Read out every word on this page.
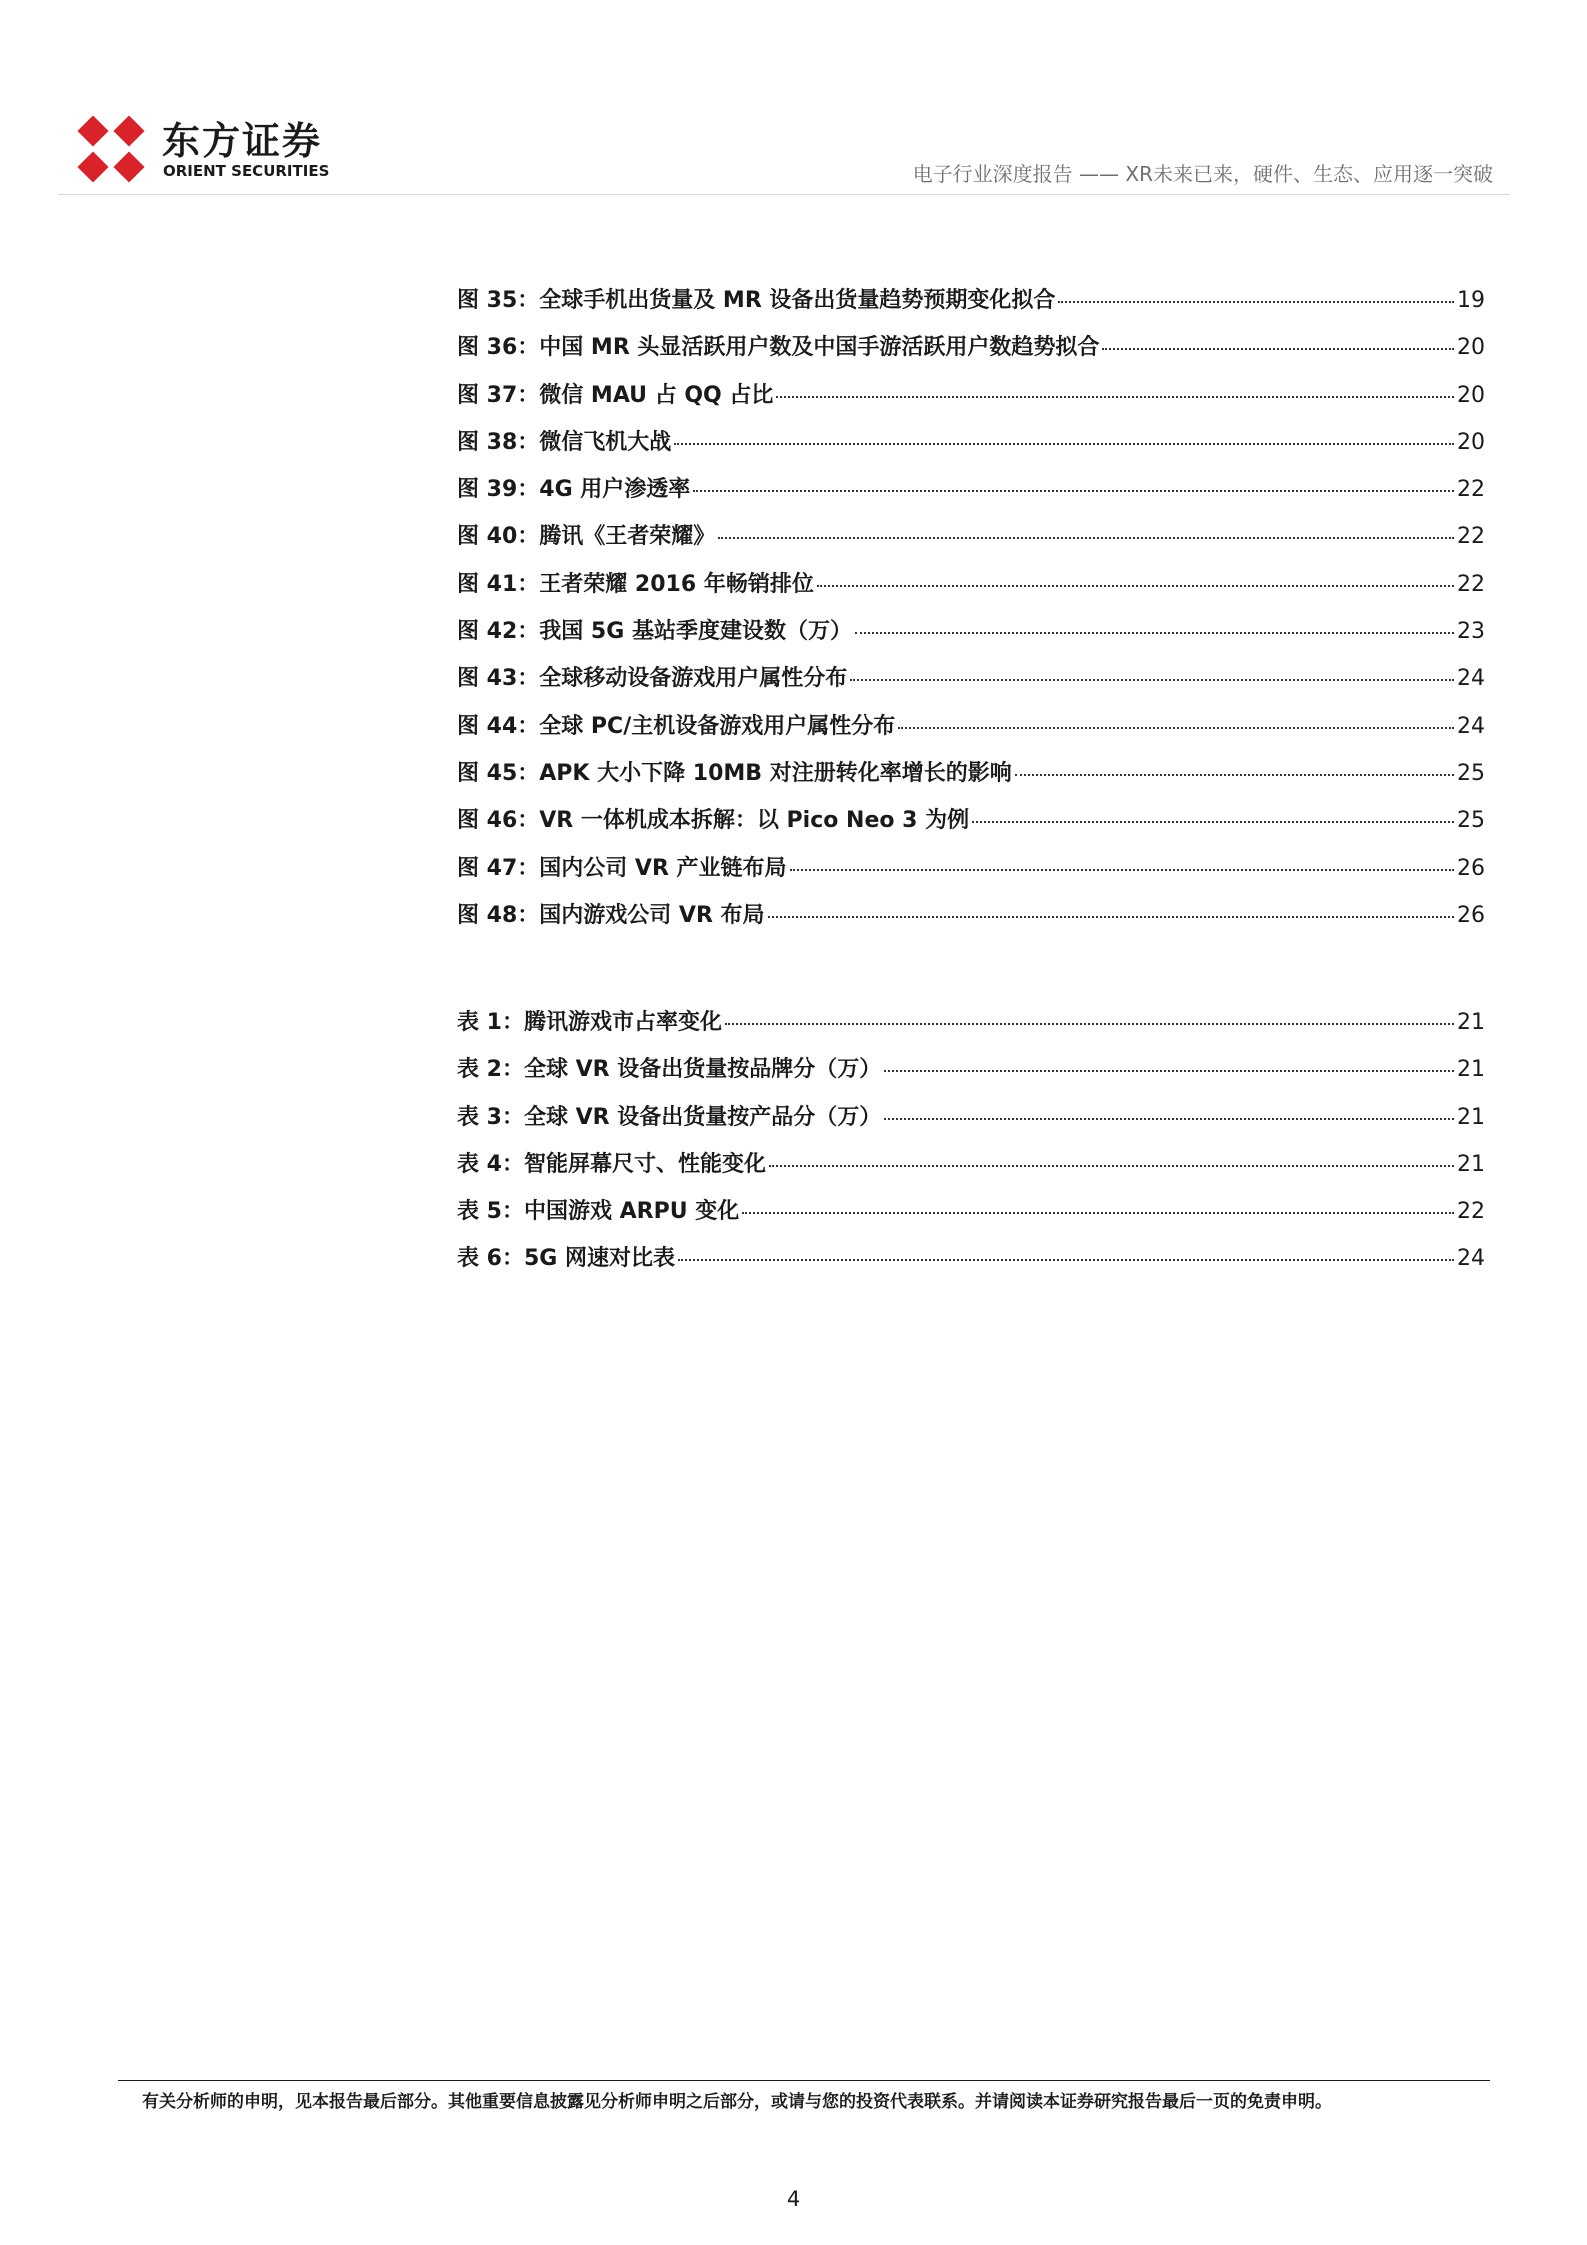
东方证券
ORIENT SECURITIES	电子行业深度报告 —— XR未来已来，硬件、生态、应用逐一突破
图 35：全球手机出货量及 MR 设备出货量趋势预期变化拟合	19
图 36：中国 MR 头显活跃用户数及中国手游活跃用户数趋势拟合	20
图 37：微信 MAU 占 QQ 占比	20
图 38：微信飞机大战	20
图 39：4G 用户渗透率	22
图 40：腾讯《王者荣耀》	22
图 41：王者荣耀 2016 年畅销排位	22
图 42：我国 5G 基站季度建设数（万）	23
图 43：全球移动设备游戏用户属性分布	24
图 44：全球 PC/主机设备游戏用户属性分布	24
图 45：APK 大小下降 10MB 对注册转化率增长的影响	25
图 46：VR 一体机成本拆解：以 Pico Neo 3 为例	25
图 47：国内公司 VR 产业链布局	26
图 48：国内游戏公司 VR 布局	26
表 1：腾讯游戏市占率变化	21
表 2：全球 VR 设备出货量按品牌分（万）	21
表 3：全球 VR 设备出货量按产品分（万）	21
表 4：智能屏幕尺寸、性能变化	21
表 5：中国游戏 ARPU 变化	22
表 6：5G 网速对比表	24
有关分析师的申明，见本报告最后部分。其他重要信息披露见分析师申明之后部分，或请与您的投资代表联系。并请阅读本证券研究报告最后一页的免责申明。
4
